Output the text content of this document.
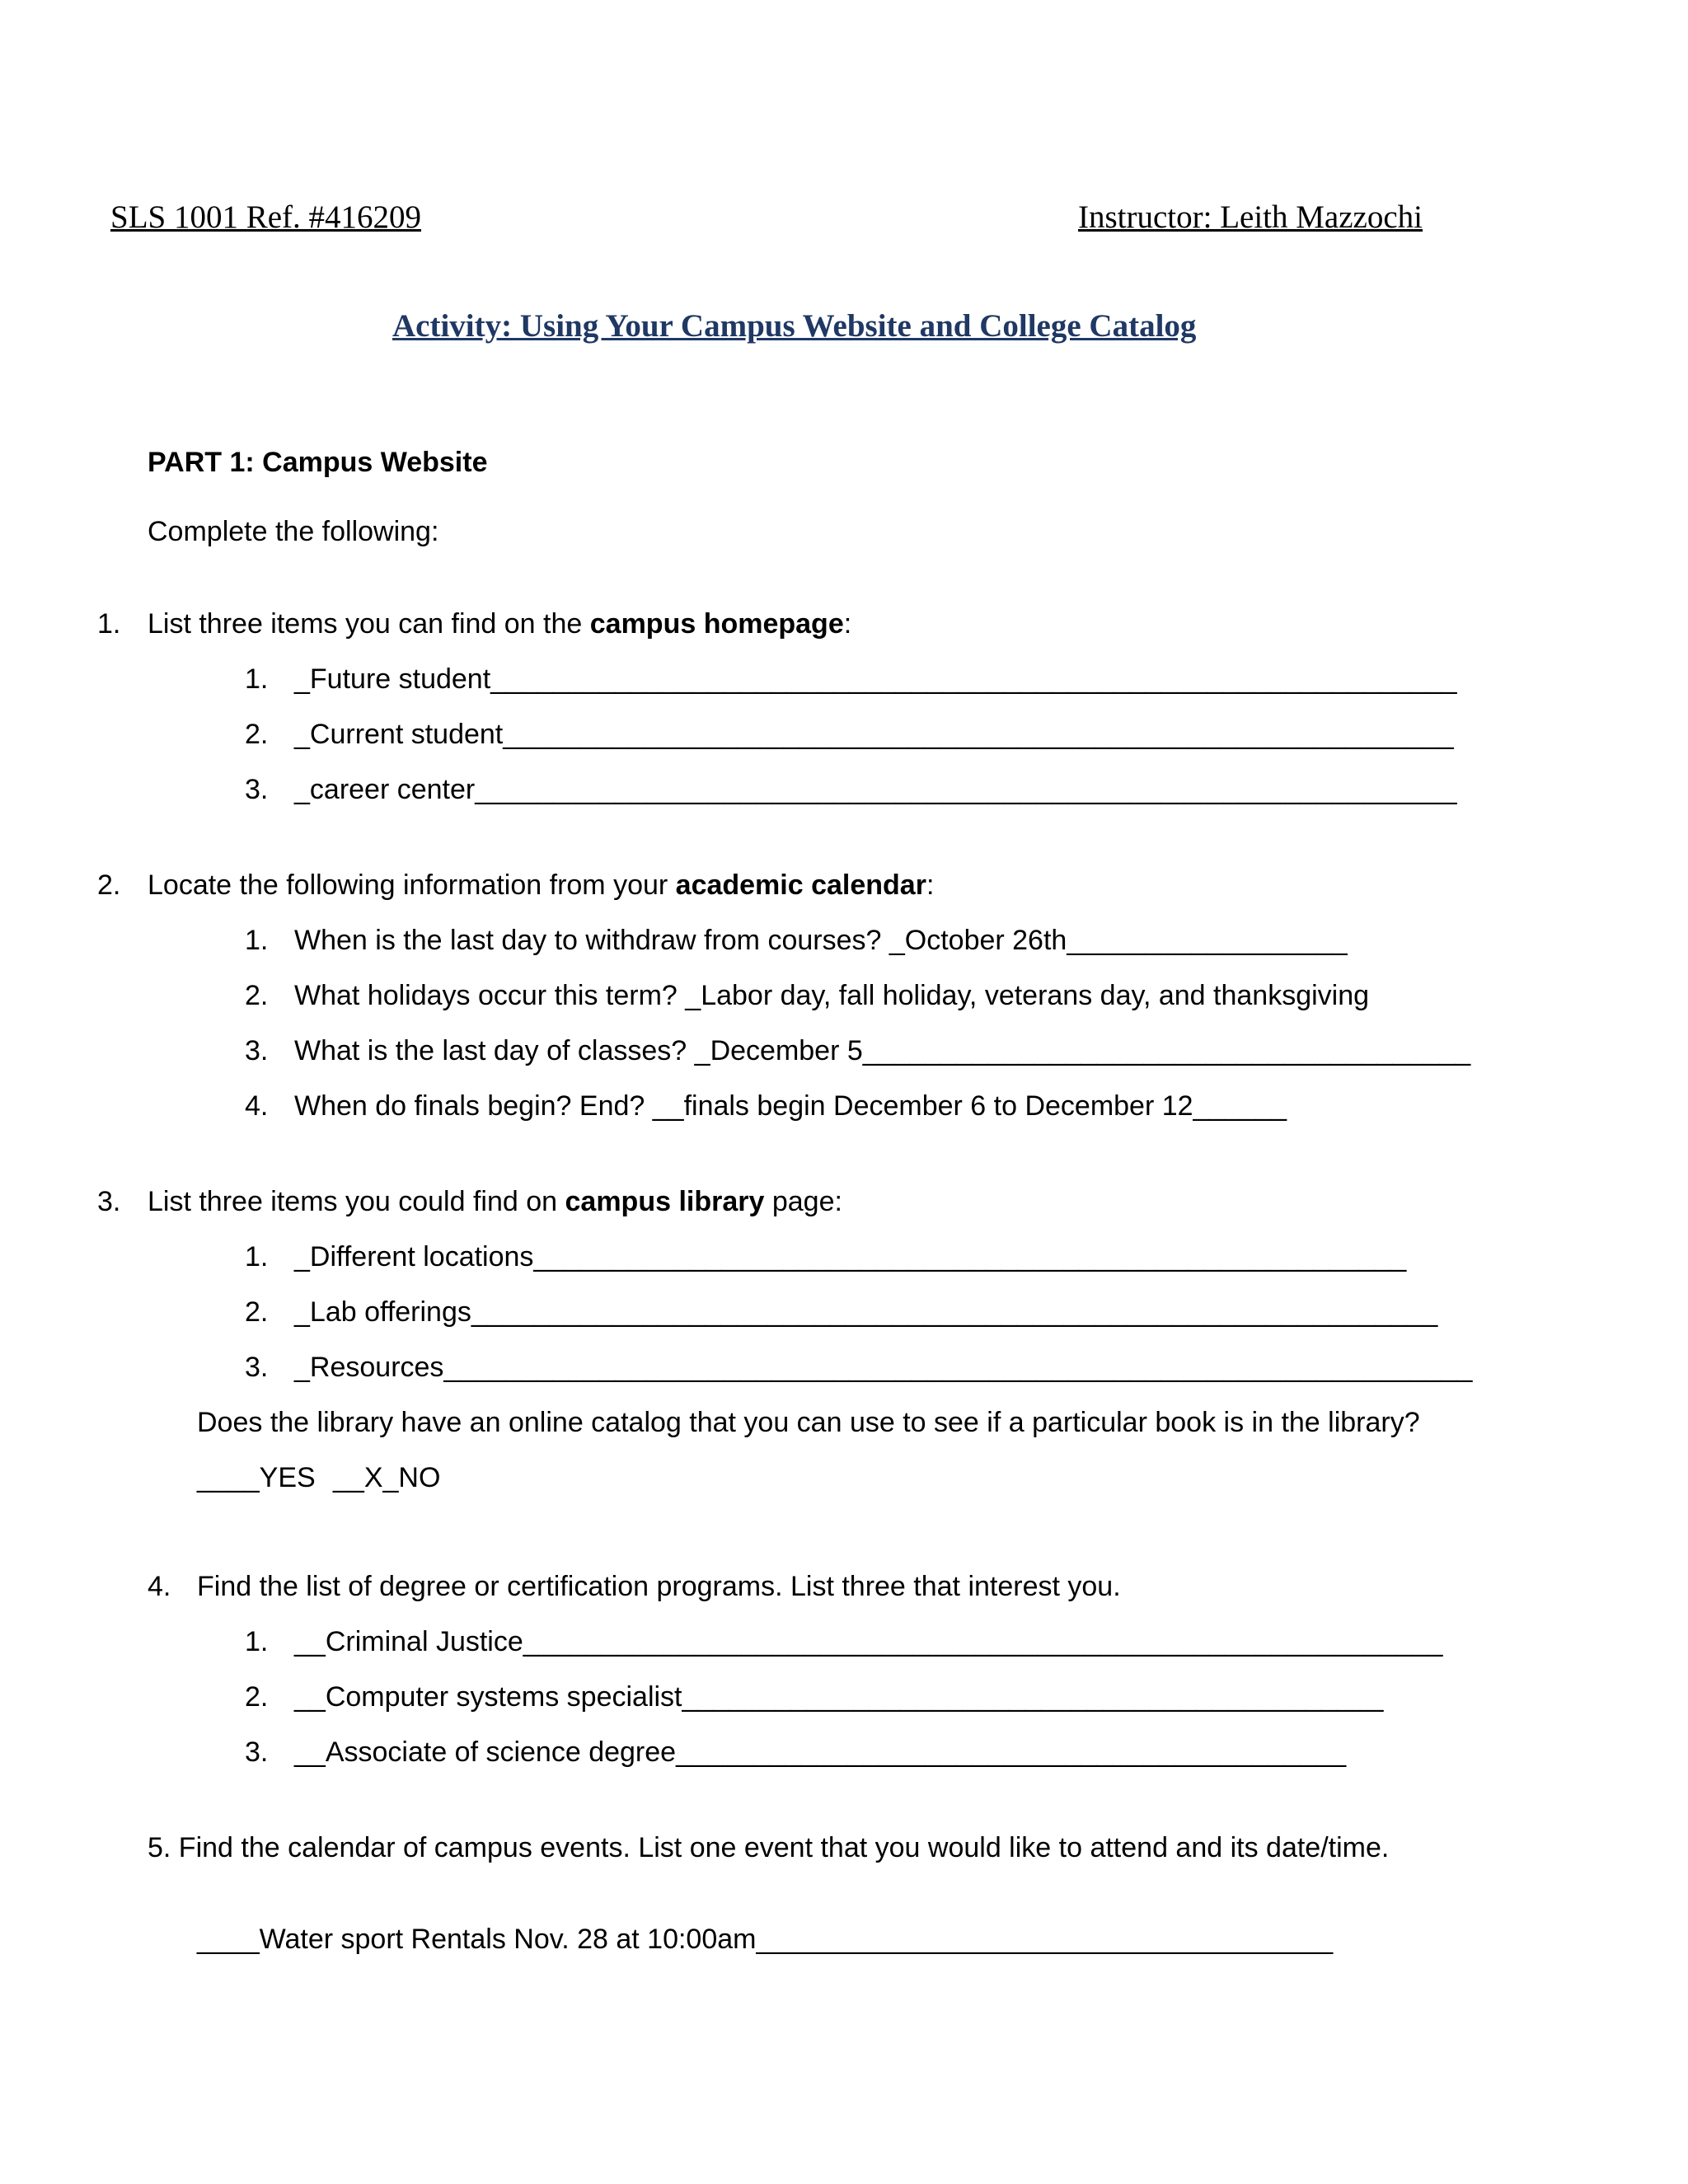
SLS 1001 Ref. #416209	Instructor: Leith Mazzochi
Activity: Using Your Campus Website and College Catalog
PART 1: Campus Website
Complete the following:
1. List three items you can find on the campus homepage:
1. _Future student______________________________________________________________
2. _Current student_____________________________________________________________
3. _career center_______________________________________________________________
2. Locate the following information from your academic calendar:
1. When is the last day to withdraw from courses? _October 26th__________________
2. What holidays occur this term? _Labor day, fall holiday, veterans day, and thanksgiving
3. What is the last day of classes? _December 5_______________________________________
4. When do finals begin? End? __finals begin December 6 to December 12______
3. List three items you could find on campus library page:
1. _Different locations________________________________________________________
2. _Lab offerings______________________________________________________________
3. _Resources__________________________________________________________________
Does the library have an online catalog that you can use to see if a particular book is in the library?
____YES __X_NO
4. Find the list of degree or certification programs. List three that interest you.
1. __Criminal Justice___________________________________________________________
2. __Computer systems specialist_____________________________________________
3. __Associate of science degree___________________________________________
5. Find the calendar of campus events. List one event that you would like to attend and its date/time.
____Water sport Rentals Nov. 28 at 10:00am_____________________________________
